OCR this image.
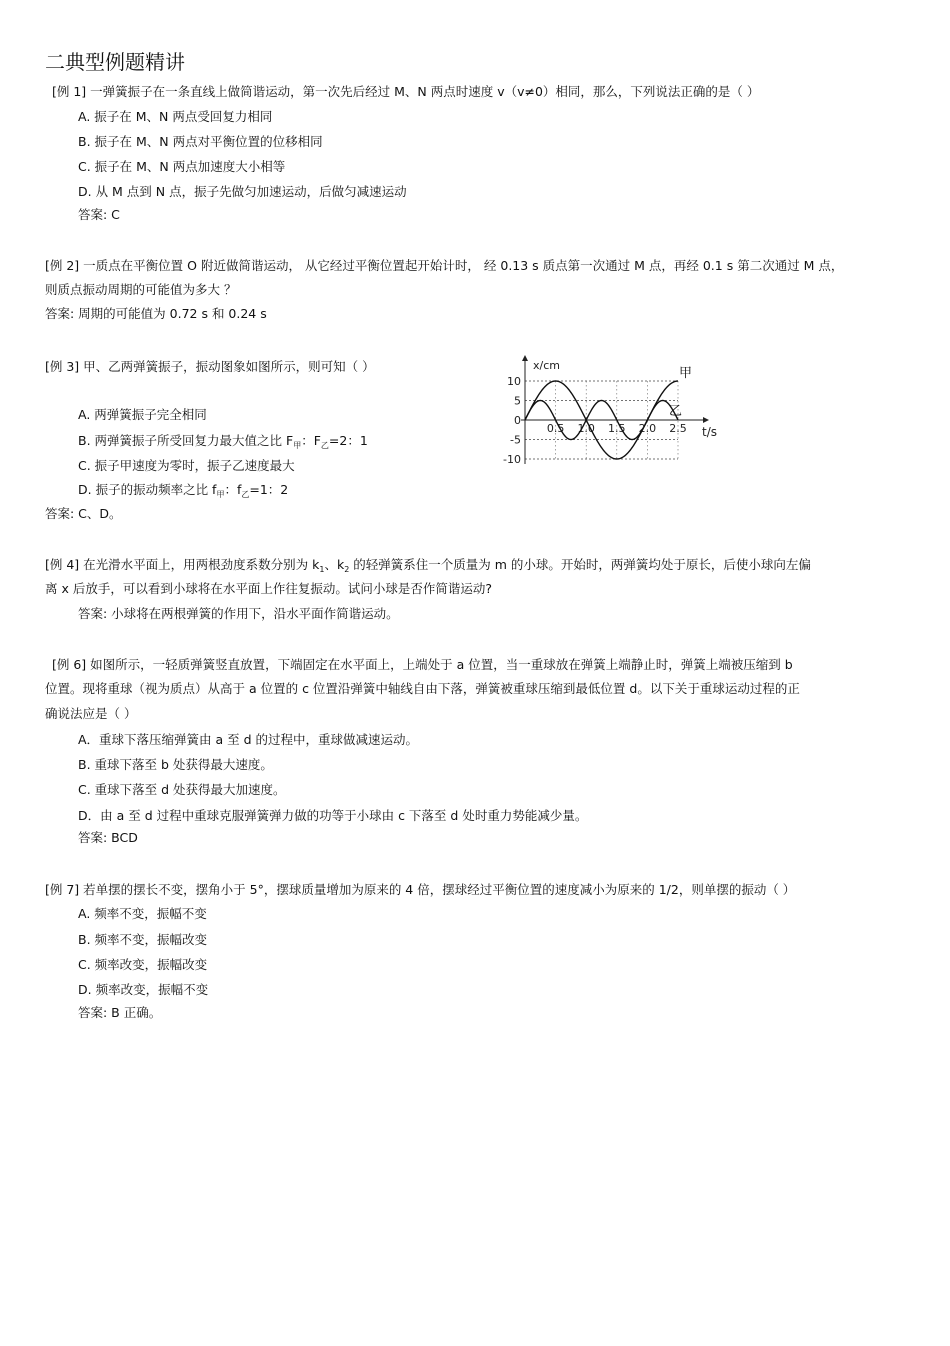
二典型例题精讲
[例 1] 一弹簧振子在一条直线上做简谐运动，第一次先后经过 M、N 两点时速度 v（v≠0）相同，那么，下列说法正确的是（ ）
A. 振子在 M、N 两点受回复力相同
B. 振子在 M、N 两点对平衡位置的位移相同
C. 振子在 M、N 两点加速度大小相等
D. 从 M 点到 N 点，振子先做匀加速运动，后做匀减速运动
答案: C
[例 2] 一质点在平衡位置 O 附近做简谐运动， 从它经过平衡位置起开始计时， 经 0.13 s 质点第一次通过 M 点，再经 0.1 s 第二次通过 M 点，
则质点振动周期的可能值为多大 ？
答案: 周期的可能值为 0.72 s 和 0.24 s
[例 3] 甲、乙两弹簧振子，振动图象如图所示，则可知（ ）
A. 两弹簧振子完全相同
B. 两弹簧振子所受回复力最大值之比 $F_甲$：$F_乙=2$：1
C. 振子甲速度为零时，振子乙速度最大
D. 振子的振动频率之比 $f_甲$：$f_乙=1$：2
答案: C、D。
x/cm
t/s
10
5
0
-5
-10
0.5 1.0 1.5 2.0 2.5
甲
乙
[例 4] 在光滑水平面上，用两根劲度系数分别为 $k_1$、$k_2$ 的轻弹簧系住一个质量为 m 的小球。开始时，两弹簧均处于原长，后使小球向左偏
离 x 后放手，可以看到小球将在水平面上作往复振动。试问小球是否作简谐运动?
答案: 小球将在两根弹簧的作用下，沿水平面作简谐运动。
[例 6] 如图所示，一轻质弹簧竖直放置，下端固定在水平面上，上端处于 a 位置，当一重球放在弹簧上端静止时，弹簧上端被压缩到 b
位置。现将重球（视为质点）从高于 a 位置的 c 位置沿弹簧中轴线自由下落，弹簧被重球压缩到最低位置 d。以下关于重球运动过程的正
确说法应是（ ）
A．重球下落压缩弹簧由 a 至 d 的过程中，重球做减速运动。
B. 重球下落至 b 处获得最大速度。
C. 重球下落至 d 处获得最大加速度。
D．由 a 至 d 过程中重球克服弹簧弹力做的功等于小球由 c 下落至 d 处时重力势能减少量。
答案: BCD
[例 7] 若单摆的摆长不变，摆角小于 5°，摆球质量增加为原来的 4 倍，摆球经过平衡位置的速度减小为原来的 1/2，则单摆的振动（ ）
A. 频率不变，振幅不变
B. 频率不变，振幅改变
C. 频率改变，振幅改变
D. 频率改变，振幅不变
答案: B 正确。
